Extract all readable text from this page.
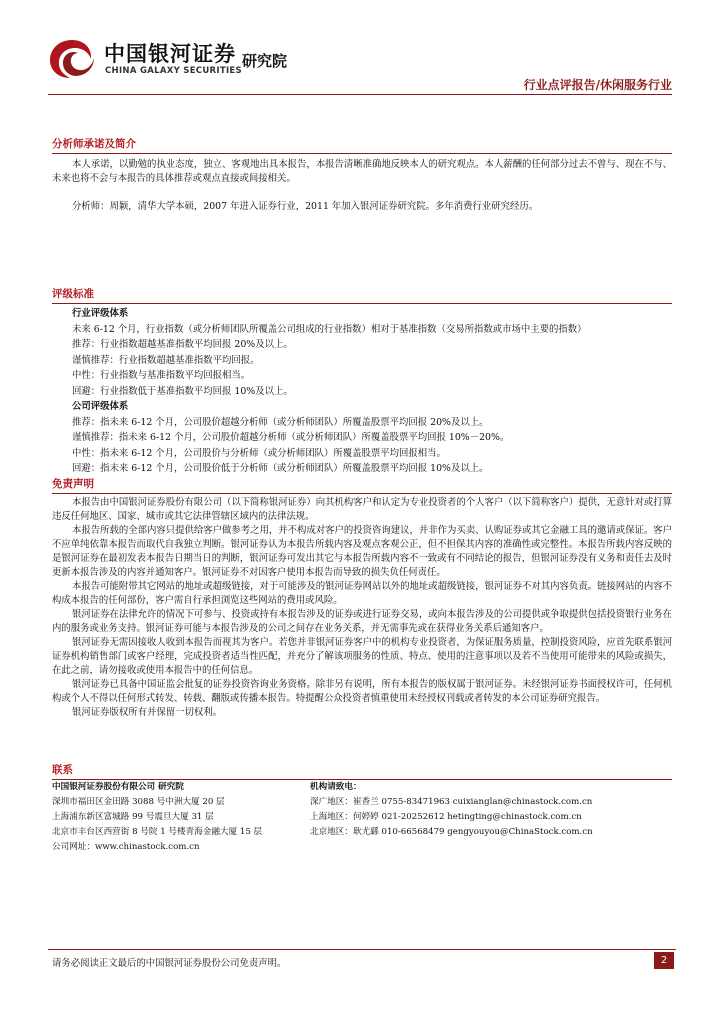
中国银河证券
CHINA GALAXY SECURITIES
研究院
行业点评报告/休闲服务行业

分析师承诺及简介

本人承诺，以勤勉的执业态度，独立、客观地出具本报告，本报告清晰准确地反映本人的研究观点。本人薪酬的任何部分过去不曾与、现在不与、未来也将不会与本报告的具体推荐或观点直接或间接相关。

分析师：周颖，清华大学本硕，2007 年进入证券行业，2011 年加入银河证券研究院。多年消费行业研究经历。

评级标准

行业评级体系

未来 6-12 个月，行业指数（或分析师团队所覆盖公司组成的行业指数）相对于基准指数（交易所指数或市场中主要的指数）

推荐：行业指数超越基准指数平均回报 20%及以上。

谨慎推荐：行业指数超越基准指数平均回报。

中性：行业指数与基准指数平均回报相当。

回避：行业指数低于基准指数平均回报 10%及以上。

公司评级体系

推荐：指未来 6-12 个月，公司股价超越分析师（或分析师团队）所覆盖股票平均回报 20%及以上。

谨慎推荐：指未来 6-12 个月，公司股价超越分析师（或分析师团队）所覆盖股票平均回报 10%－20%。

中性：指未来 6-12 个月，公司股价与分析师（或分析师团队）所覆盖股票平均回报相当。

回避：指未来 6-12 个月，公司股价低于分析师（或分析师团队）所覆盖股票平均回报 10%及以上。

免责声明

本报告由中国银河证券股份有限公司（以下简称银河证券）向其机构客户和认定为专业投资者的个人客户（以下简称客户）提供，无意针对或打算违反任何地区、国家、城市或其它法律管辖区域内的法律法规。

本报告所载的全部内容只提供给客户做参考之用，并不构成对客户的投资咨询建议，并非作为买卖、认购证券或其它金融工具的邀请或保证。客户不应单纯依靠本报告而取代自我独立判断。银河证券认为本报告所载内容及观点客观公正，但不担保其内容的准确性或完整性。本报告所载内容反映的是银河证券在最初发表本报告日期当日的判断，银河证券可发出其它与本报告所载内容不一致或有不同结论的报告，但银河证券没有义务和责任去及时更新本报告涉及的内容并通知客户。银河证券不对因客户使用本报告而导致的损失负任何责任。

本报告可能附带其它网站的地址或超级链接，对于可能涉及的银河证券网站以外的地址或超级链接，银河证券不对其内容负责。链接网站的内容不构成本报告的任何部份，客户需自行承担浏览这些网站的费用或风险。

银河证券在法律允许的情况下可参与、投资或持有本报告涉及的证券或进行证券交易，或向本报告涉及的公司提供或争取提供包括投资银行业务在内的服务或业务支持。银河证券可能与本报告涉及的公司之间存在业务关系，并无需事先或在获得业务关系后通知客户。

银河证券无需因接收人收到本报告而视其为客户。若您并非银河证券客户中的机构专业投资者，为保证服务质量，控制投资风险，应首先联系银河证券机构销售部门或客户经理，完成投资者适当性匹配，并充分了解该项服务的性质、特点、使用的注意事项以及若不当使用可能带来的风险或损失，在此之前，请勿接收或使用本报告中的任何信息。

银河证券已具备中国证监会批复的证券投资咨询业务资格。除非另有说明，所有本报告的版权属于银河证券。未经银河证券书面授权许可，任何机构或个人不得以任何形式转发、转载、翻版或传播本报告。特提醒公众投资者慎重使用未经授权刊载或者转发的本公司证券研究报告。

银河证券版权所有并保留一切权利。

联系

中国银河证券股份有限公司 研究院

深圳市福田区金田路 3088 号中洲大厦 20 层

上海浦东新区富城路 99 号震旦大厦 31 层

北京市丰台区西营街 8 号院 1 号楼青海金融大厦 15 层

公司网址：www.chinastock.com.cn

机构请致电：

深广地区：崔香兰 0755-83471963 cuixianglan@chinastock.com.cn

上海地区：何婷婷 021-20252612 hetingting@chinastock.com.cn

北京地区：耿尤繇 010-66568479 gengyouyou@ChinaStock.com.cn

请务必阅读正文最后的中国银河证券股份公司免责声明。	2
